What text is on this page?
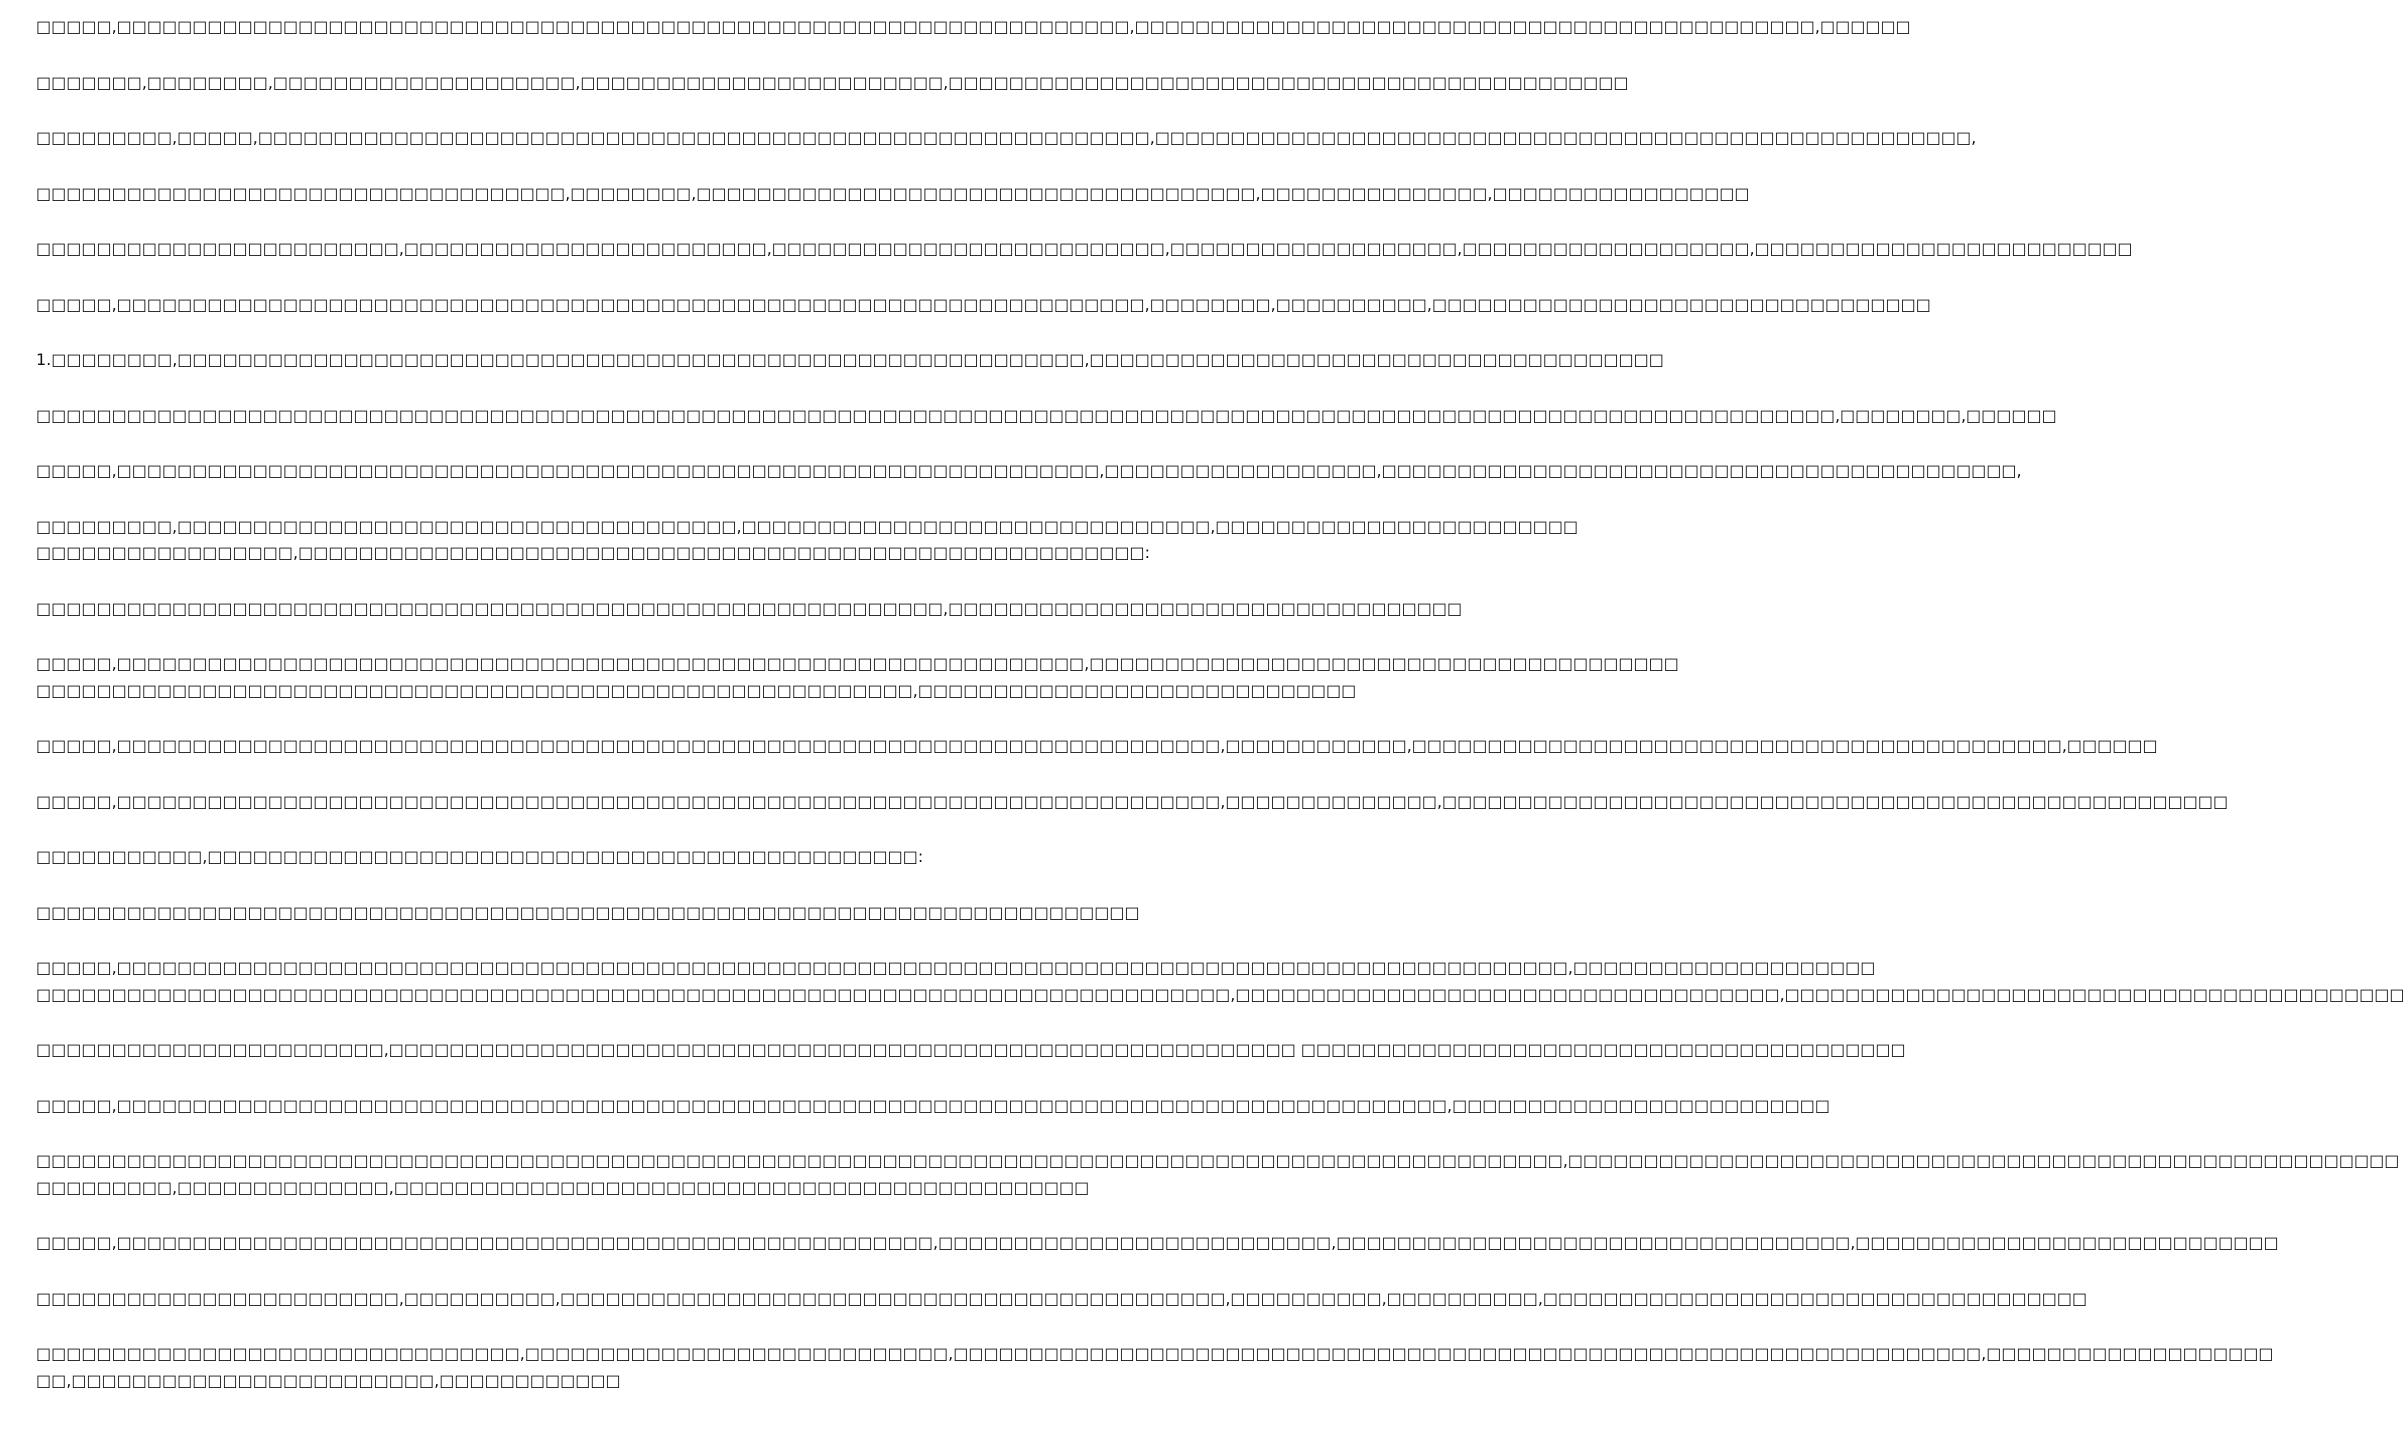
□□□□□,□□□□□□□□□□□□□□□□□□□□□□□□□□□□□□□□□□□□□□□□□□□□□□□□□□□□□□□□□□□□□□□□□□□,□□□□□□□□□□□□□□□□□□□□□□□□□□□□□□□□□□□□□□□□□□□□□,□□□□□□
□□□□□□□,□□□□□□□□,□□□□□□□□□□□□□□□□□□□□,□□□□□□□□□□□□□□□□□□□□□□□□,□□□□□□□□□□□□□□□□□□□□□□□□□□□□□□□□□□□□□□□□□□□□□
□□□□□□□□□,□□□□□,□□□□□□□□□□□□□□□□□□□□□□□□□□□□□□□□□□□□□□□□□□□□□□□□□□□□□□□□□□□,□□□□□□□□□□□□□□□□□□□□□□□□□□□□□□□□□□□□□□□□□□□□□□□□□□□□□□,
□□□□□□□□□□□□□□□□□□□□□□□□□□□□□□□□□□□,□□□□□□□□,□□□□□□□□□□□□□□□□□□□□□□□□□□□□□□□□□□□□□,□□□□□□□□□□□□□□□,□□□□□□□□□□□□□□□□□
□□□□□□□□□□□□□□□□□□□□□□□□,□□□□□□□□□□□□□□□□□□□□□□□□,□□□□□□□□□□□□□□□□□□□□□□□□□□,□□□□□□□□□□□□□□□□□□□,□□□□□□□□□□□□□□□□□□□,□□□□□□□□□□□□□□□□□□□□□□□□□
□□□□□,□□□□□□□□□□□□□□□□□□□□□□□□□□□□□□□□□□□□□□□□□□□□□□□□□□□□□□□□□□□□□□□□□□□□,□□□□□□□□,□□□□□□□□□□,□□□□□□□□□□□□□□□□□□□□□□□□□□□□□□□□□
1.□□□□□□□□,□□□□□□□□□□□□□□□□□□□□□□□□□□□□□□□□□□□□□□□□□□□□□□□□□□□□□□□□□□□□,□□□□□□□□□□□□□□□□□□□□□□□□□□□□□□□□□□□□□□
□□□□□□□□□□□□□□□□□□□□□□□□□□□□□□□□□□□□□□□□□□□□□□□□□□□□□□□□□□□□□□□□□□□□□□□□□□□□□□□□□□□□□□□□□□□□□□□□□□□□□□□□□□□□□□□□□□□□□□□,□□□□□□□□,□□□□□□
□□□□□,□□□□□□□□□□□□□□□□□□□□□□□□□□□□□□□□□□□□□□□□□□□□□□□□□□□□□□□□□□□□□□□□□,□□□□□□□□□□□□□□□□□□,□□□□□□□□□□□□□□□□□□□□□□□□□□□□□□□□□□□□□□□□□□,
□□□□□□□□□,□□□□□□□□□□□□□□□□□□□□□□□□□□□□□□□□□□□□□,□□□□□□□□□□□□□□□□□□□□□□□□□□□□□□□,□□□□□□□□□□□□□□□□□□□□□□□□
□□□□□□□□□□□□□□□□□,□□□□□□□□□□□□□□□□□□□□□□□□□□□□□□□□□□□□□□□□□□□□□□□□□□□□□□□□:
□□□□□□□□□□□□□□□□□□□□□□□□□□□□□□□□□□□□□□□□□□□□□□□□□□□□□□□□□□□□,□□□□□□□□□□□□□□□□□□□□□□□□□□□□□□□□□□
□□□□□,□□□□□□□□□□□□□□□□□□□□□□□□□□□□□□□□□□□□□□□□□□□□□□□□□□□□□□□□□□□□□□□□,□□□□□□□□□□□□□□□□□□□□□□□□□□□□□□□□□□□□□□□
□□□□□□□□□□□□□□□□□□□□□□□□□□□□□□□□□□□□□□□□□□□□□□□□□□□□□□□□□□,□□□□□□□□□□□□□□□□□□□□□□□□□□□□□
□□□□□,□□□□□□□□□□□□□□□□□□□□□□□□□□□□□□□□□□□□□□□□□□□□□□□□□□□□□□□□□□□□□□□□□□□□□□□□□,□□□□□□□□□□□□,□□□□□□□□□□□□□□□□□□□□□□□□□□□□□□□□□□□□□□□□□□□,□□□□□□
□□□□□,□□□□□□□□□□□□□□□□□□□□□□□□□□□□□□□□□□□□□□□□□□□□□□□□□□□□□□□□□□□□□□□□□□□□□□□□□,□□□□□□□□□□□□□□,□□□□□□□□□□□□□□□□□□□□□□□□□□□□□□□□□□□□□□□□□□□□□□□□□□□□
□□□□□□□□□□□,□□□□□□□□□□□□□□□□□□□□□□□□□□□□□□□□□□□□□□□□□□□□□□□:
□□□□□□□□□□□□□□□□□□□□□□□□□□□□□□□□□□□□□□□□□□□□□□□□□□□□□□□□□□□□□□□□□□□□□□□□□
□□□□□,□□□□□□□□□□□□□□□□□□□□□□□□□□□□□□□□□□□□□□□□□□□□□□□□□□□□□□□□□□□□□□□□□□□□□□□□□□□□□□□□□□□□□□□□□□□□□□□□,□□□□□□□□□□□□□□□□□□□□
□□□□□□□□□□□□□□□□□□□□□□□□□□□□□□□□□□□□□□□□□□□□□□□□□□□□□□□□□□□□□□□□□□□□□□□□□□□□□□□,□□□□□□□□□□□□□□□□□□□□□□□□□□□□□□□□□□□□,□□□□□□□□□□□□□□□□□□□□□□□□□□□□□□□□□□□□□□□□□
□□□□□□□□□□□□□□□□□□□□□□□,□□□□□□□□□□□□□□□□□□□□□□□□□□□□□□□□□□□□□□□□□□□□□□□□□□□□□□□□□□□□ □□□□□□□□□□□□□□□□□□□□□□□□□□□□□□□□□□□□□□□□
□□□□□,□□□□□□□□□□□□□□□□□□□□□□□□□□□□□□□□□□□□□□□□□□□□□□□□□□□□□□□□□□□□□□□□□□□□□□□□□□□□□□□□□□□□□□□□,□□□□□□□□□□□□□□□□□□□□□□□□□
□□□□□□□□□□□□□□□□□□□□□□□□□□□□□□□□□□□□□□□□□□□□□□□□□□□□□□□□□□□□□□□□□□□□□□□□□□□□□□□□□□□□□□□□□□□□□□□□□□□□□,□□□□□□□□□□□□□□□□□□□□□□□□□□□□□□□□□□□□□□□□□□□□□□□□□□□□□□□
□□□□□□□□□,□□□□□□□□□□□□□□,□□□□□□□□□□□□□□□□□□□□□□□□□□□□□□□□□□□□□□□□□□□□□□
□□□□□,□□□□□□□□□□□□□□□□□□□□□□□□□□□□□□□□□□□□□□□□□□□□□□□□□□□□□□,□□□□□□□□□□□□□□□□□□□□□□□□□□,□□□□□□□□□□□□□□□□□□□□□□□□□□□□□□□□□□,□□□□□□□□□□□□□□□□□□□□□□□□□□□□
□□□□□□□□□□□□□□□□□□□□□□□□,□□□□□□□□□□,□□□□□□□□□□□□□□□□□□□□□□□□□□□□□□□□□□□□□□□□□□□□,□□□□□□□□□□,□□□□□□□□□□,□□□□□□□□□□□□□□□□□□□□□□□□□□□□□□□□□□□□
□□□□□□□□□□□□□□□□□□□□□□□□□□□□□□□□,□□□□□□□□□□□□□□□□□□□□□□□□□□□□,□□□□□□□□□□□□□□□□□□□□□□□□□□□□□□□□□□□□□□□□□□□□□□□□□□□□□□□□□□□□□□□□□□□□,□□□□□□□□□□□□□□□□□□□
□□,□□□□□□□□□□□□□□□□□□□□□□□□,□□□□□□□□□□□□
